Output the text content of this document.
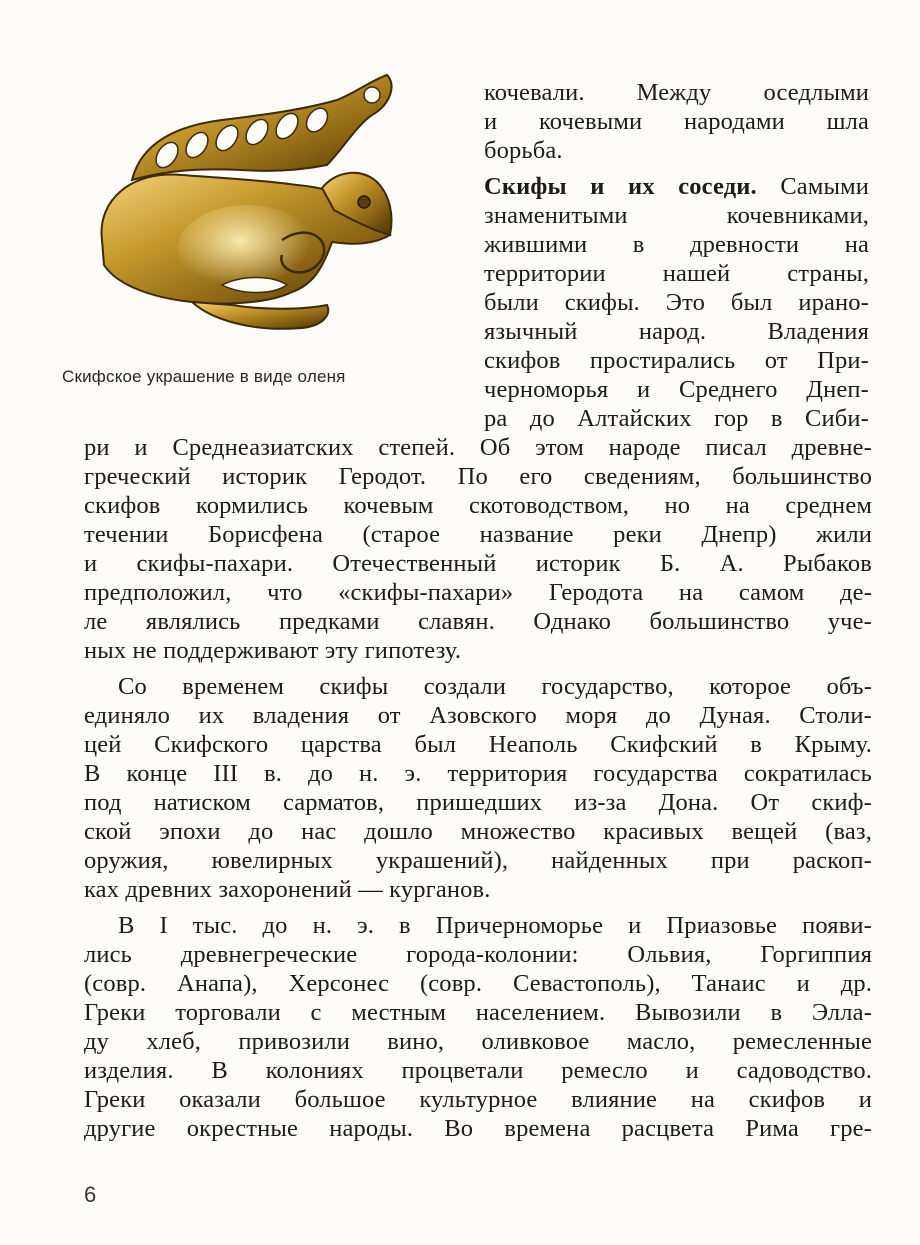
Скифское украшение в виде оленя
кочевали. Между оседлыми
и кочевыми народами шла
борьба.
Скифы и их соседи. Самыми
знаменитыми кочевниками,
жившими в древности на
территории нашей страны,
были скифы. Это был ирано-
язычный народ. Владения
скифов простирались от При-
черноморья и Среднего Днеп-
ра до Алтайских гор в Сиби-
ри и Среднеазиатских степей. Об этом народе писал древне-
греческий историк Геродот. По его сведениям, большинство
скифов кормились кочевым скотоводством, но на среднем
течении Борисфена (старое название реки Днепр) жили
и скифы-пахари. Отечественный историк Б. А. Рыбаков
предположил, что «скифы-пахари» Геродота на самом де-
ле являлись предками славян. Однако большинство уче-
ных не поддерживают эту гипотезу.
Со временем скифы создали государство, которое объ-
единяло их владения от Азовского моря до Дуная. Столи-
цей Скифского царства был Неаполь Скифский в Крыму.
В конце III в. до н. э. территория государства сократилась
под натиском сарматов, пришедших из-за Дона. От скиф-
ской эпохи до нас дошло множество красивых вещей (ваз,
оружия, ювелирных украшений), найденных при раскоп-
ках древних захоронений — курганов.
В I тыс. до н. э. в Причерноморье и Приазовье появи-
лись древнегреческие города-колонии: Ольвия, Горгиппия
(совр. Анапа), Херсонес (совр. Севастополь), Танаис и др.
Греки торговали с местным населением. Вывозили в Элла-
ду хлеб, привозили вино, оливковое масло, ремесленные
изделия. В колониях процветали ремесло и садоводство.
Греки оказали большое культурное влияние на скифов и
другие окрестные народы. Во времена расцвета Рима гре-
6
